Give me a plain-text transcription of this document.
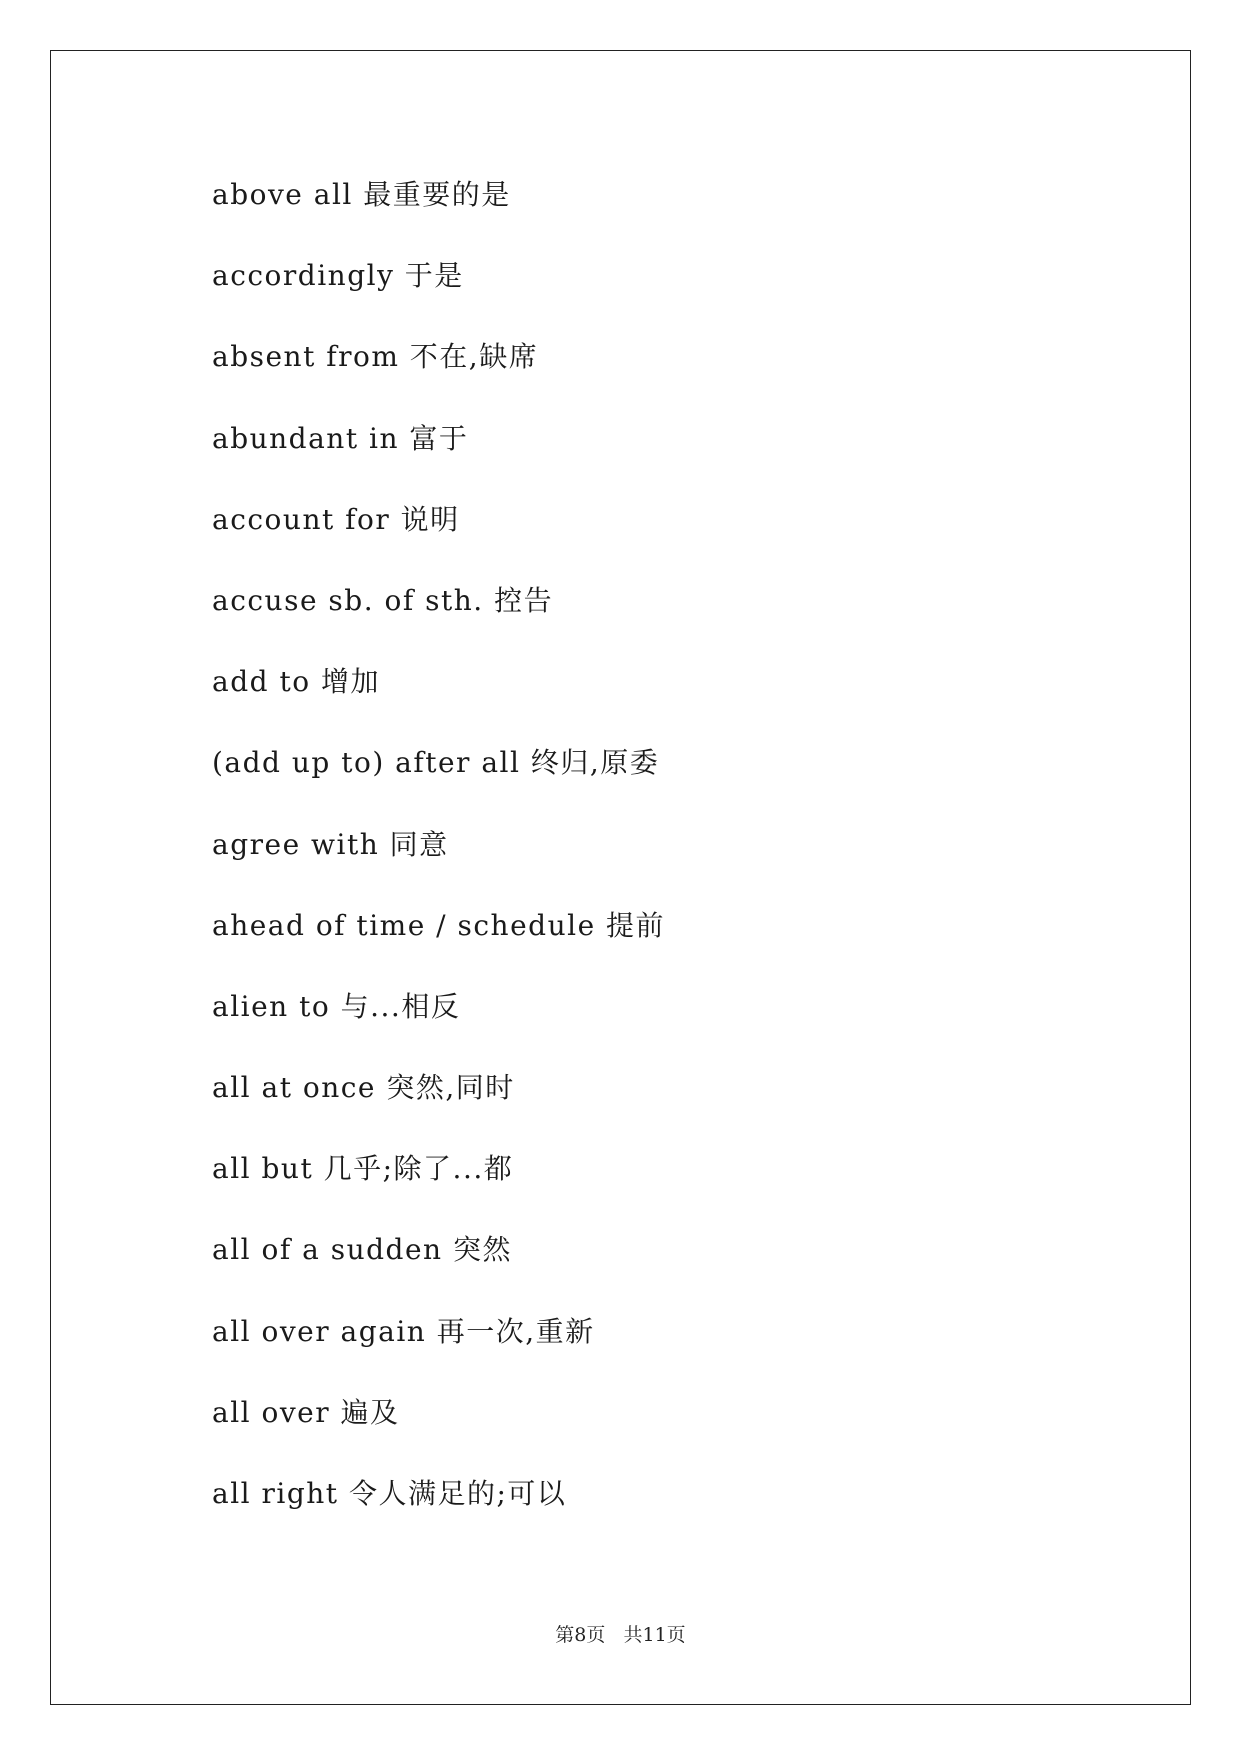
above all 最重要的是
accordingly 于是
absent from 不在,缺席
abundant in 富于
account for 说明
accuse sb. of sth. 控告
add to 增加
(add up to) after all 终归,原委
agree with 同意
ahead of time / schedule 提前
alien to 与...相反
all at once 突然,同时
all but 几乎;除了...都
all of a sudden 突然
all over again 再一次,重新
all over 遍及
all right 令人满足的;可以
第8页   共11页
